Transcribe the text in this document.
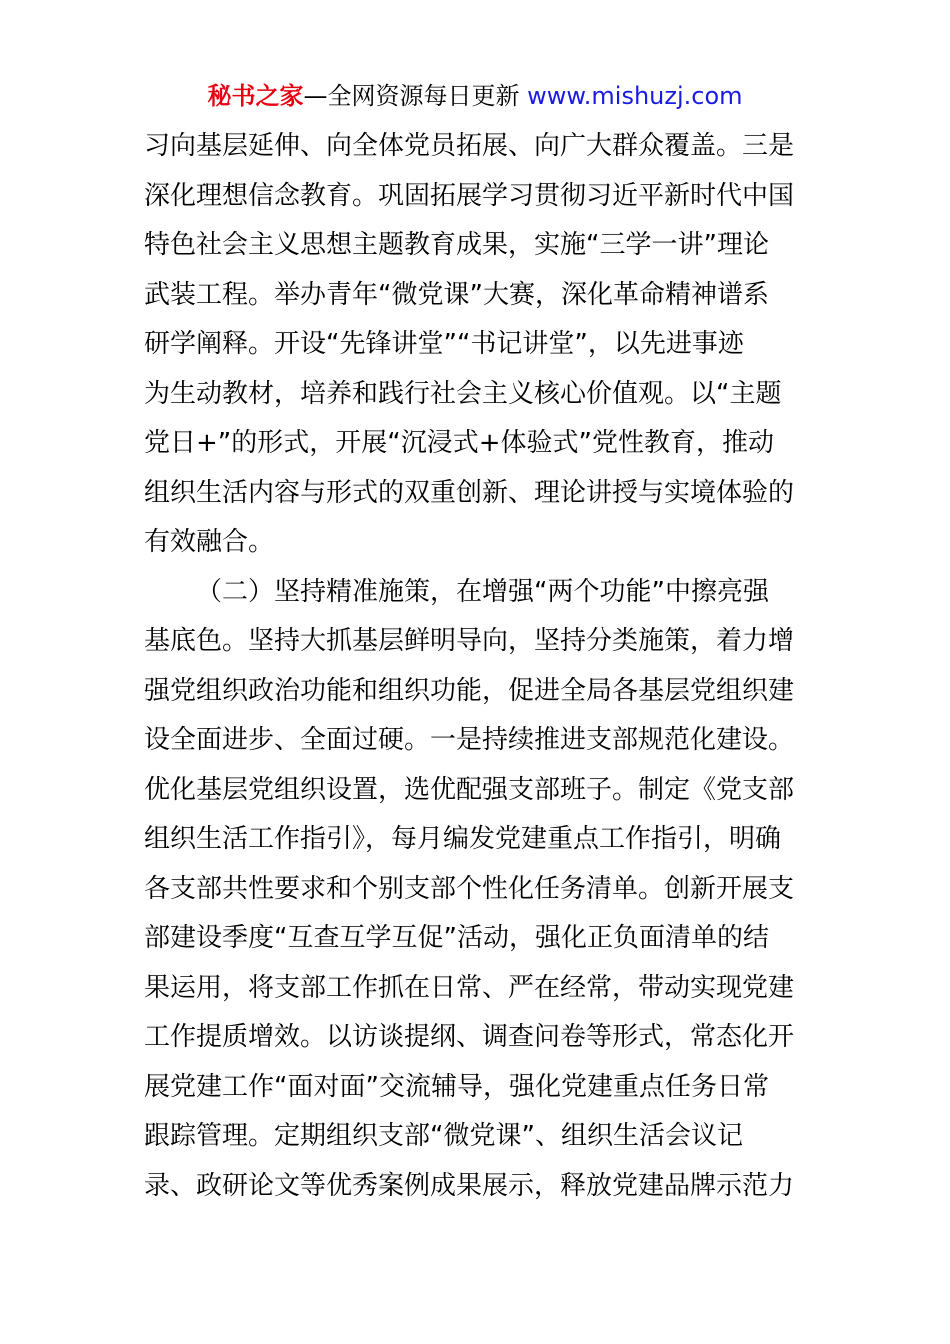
秘书之家—全网资源每日更新 www.mishuzj.com
习向基层延伸、向全体党员拓展、向广大群众覆盖。三是
深化理想信念教育。巩固拓展学习贯彻习近平新时代中国
特色社会主义思想主题教育成果，实施“三学一讲”理论
武装工程。举办青年“微党课”大赛，深化革命精神谱系
研学阐释。开设“先锋讲堂”“书记讲堂”，以先进事迹
为生动教材，培养和践行社会主义核心价值观。以“主题
党日+”的形式，开展“沉浸式+体验式”党性教育，推动
组织生活内容与形式的双重创新、理论讲授与实境体验的
有效融合。
（二）坚持精准施策，在增强“两个功能”中擦亮强
基底色。坚持大抓基层鲜明导向，坚持分类施策，着力增
强党组织政治功能和组织功能，促进全局各基层党组织建
设全面进步、全面过硬。一是持续推进支部规范化建设。
优化基层党组织设置，选优配强支部班子。制定《党支部
组织生活工作指引》，每月编发党建重点工作指引，明确
各支部共性要求和个别支部个性化任务清单。创新开展支
部建设季度“互查互学互促”活动，强化正负面清单的结
果运用，将支部工作抓在日常、严在经常，带动实现党建
工作提质增效。以访谈提纲、调查问卷等形式，常态化开
展党建工作“面对面”交流辅导，强化党建重点任务日常
跟踪管理。定期组织支部“微党课”、组织生活会议记
录、政研论文等优秀案例成果展示，释放党建品牌示范力
